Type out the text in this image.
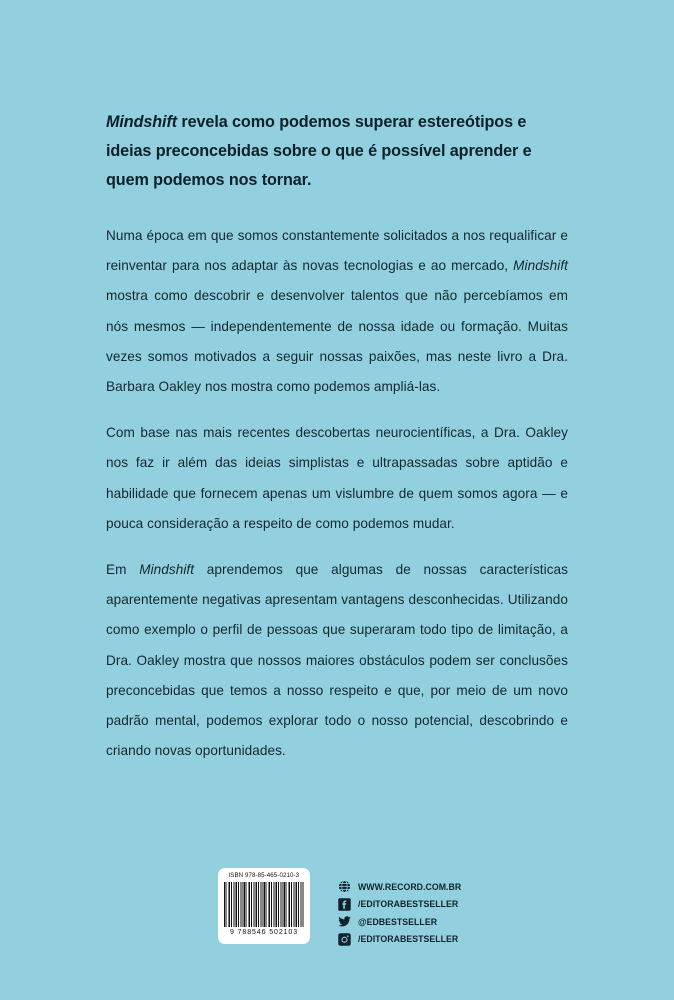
Mindshift revela como podemos superar estereótipos e ideias preconcebidas sobre o que é possível aprender e quem podemos nos tornar.

Numa época em que somos constantemente solicitados a nos requalificar e reinventar para nos adaptar às novas tecnologias e ao mercado, Mindshift mostra como descobrir e desenvolver talentos que não percebíamos em nós mesmos — independentemente de nossa idade ou formação. Muitas vezes somos motivados a seguir nossas paixões, mas neste livro a Dra. Barbara Oakley nos mostra como podemos ampliá-las.

Com base nas mais recentes descobertas neurocientíficas, a Dra. Oakley nos faz ir além das ideias simplistas e ultrapassadas sobre aptidão e habilidade que fornecem apenas um vislumbre de quem somos agora — e pouca consideração a respeito de como podemos mudar.

Em Mindshift aprendemos que algumas de nossas características aparentemente negativas apresentam vantagens desconhecidas. Utilizando como exemplo o perfil de pessoas que superaram todo tipo de limitação, a Dra. Oakley mostra que nossos maiores obstáculos podem ser conclusões preconcebidas que temos a nosso respeito e que, por meio de um novo padrão mental, podemos explorar todo o nosso potencial, descobrindo e criando novas oportunidades.

ISBN 978-85-465-0210-3
9 788546 502103
WWW.RECORD.COM.BR
/EDITORABESTSELLER
@EDBESTSELLER
/EDITORABESTSELLER
